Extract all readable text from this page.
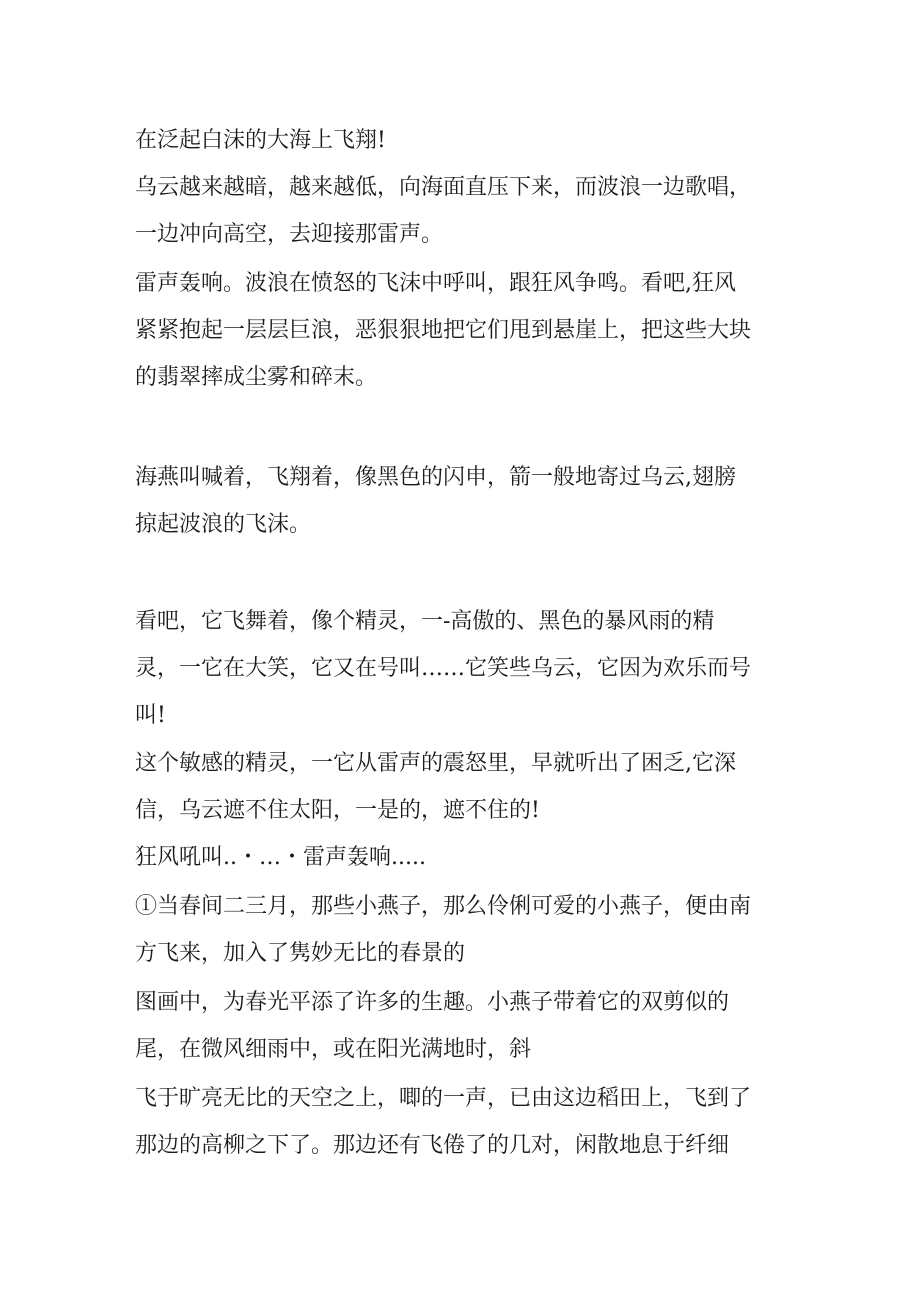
在泛起白沫的大海上飞翔!

乌云越来越暗，越来越低，向海面直压下来，而波浪一边歌唱，

一边冲向高空，去迎接那雷声。

雷声轰响。波浪在愤怒的飞沫中呼叫，跟狂风争鸣。看吧,狂风

紧紧抱起一层层巨浪，恶狠狠地把它们甩到悬崖上，把这些大块

的翡翠摔成尘雾和碎末。

海燕叫喊着，飞翔着，像黑色的闪申，箭一般地寄过乌云,翅膀

掠起波浪的飞沫。

看吧，它飞舞着，像个精灵，一-高傲的、黑色的暴风雨的精

灵，一它在大笑，它又在号叫……它笑些乌云，它因为欢乐而号

叫!

这个敏感的精灵，一它从雷声的震怒里，早就听出了困乏,它深

信，乌云遮不住太阳，一是的，遮不住的!

狂风吼叫..・…・雷声轰响.....

①当春间二三月，那些小燕子，那么伶俐可爱的小燕子，便由南

方飞来，加入了隽妙无比的春景的

图画中，为春光平添了许多的生趣。小燕子带着它的双剪似的

尾，在微风细雨中，或在阳光满地时，斜

飞于旷亮无比的天空之上，唧的一声，已由这边稻田上，飞到了

那边的高柳之下了。那边还有飞倦了的几对，闲散地息于纤细
